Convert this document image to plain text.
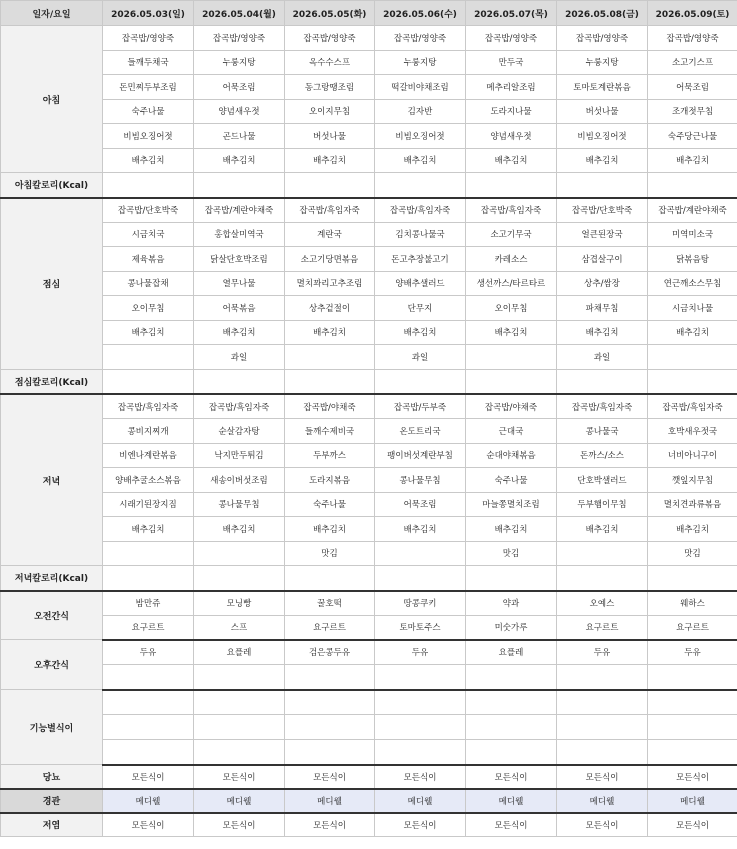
일자/요일	2026.05.03(일)	2026.05.04(월)	2026.05.05(화)	2026.05.06(수)	2026.05.07(목)	2026.05.08(금)	2026.05.09(토)
아침	잡곡밥/영양죽	잡곡밥/영양죽	잡곡밥/영양죽	잡곡밥/영양죽	잡곡밥/영양죽	잡곡밥/영양죽	잡곡밥/영양죽
	들깨두채국	누룽지탕	옥수수스프	누룽지탕	만두국	누룽지탕	소고기스프
	돈민찌두부조림	어묵조림	동그랑땡조림	떡갈비야채조림	메추리알조림	토마토계란볶음	어묵조림
	숙주나물	양념새우젓	오이지무침	김자반	도라지나물	버섯나물	조개젓무침
	비빔오징어젓	곤드나물	버섯나물	비빔오징어젓	양념새우젓	비빔오징어젓	숙주당근나물
	배추김치	배추김치	배추김치	배추김치	배추김치	배추김치	배추김치
아침칼로리(Kcal)							
점심	잡곡밥/단호박죽	잡곡밥/계란야채죽	잡곡밥/흑임자죽	잡곡밥/흑임자죽	잡곡밥/흑임자죽	잡곡밥/단호박죽	잡곡밥/계란야채죽
	시금치국	홍합살미역국	계란국	김치콩나물국	소고기무국	얼큰된장국	미역미소국
	제육볶음	닭살단호박조림	소고기당면볶음	돈고추장불고기	카레소스	삼겹살구이	닭볶음탕
	콩나물잡채	열무나물	멸치꽈리고추조림	양배추샐러드	생선까스/타르타르	상추/쌈장	연근깨소스무침
	오이무침	어묵볶음	상추겉절이	단무지	오이무침	파채무침	시금치나물
	배추김치	배추김치	배추김치	배추김치	배추김치	배추김치	배추김치
		과일		과일		과일	
점심칼로리(Kcal)							
저녁	잡곡밥/흑임자죽	잡곡밥/흑임자죽	잡곡밥/야채죽	잡곡밥/두부죽	잡곡밥/야채죽	잡곡밥/흑임자죽	잡곡밥/흑임자죽
	콩비지찌개	순살감자탕	들깨수제비국	온도트리국	근대국	콩나물국	호박새우젓국
	비엔나계란볶음	낙지만두튀김	두부까스	팽이버섯계란부침	순대야채볶음	돈까스/소스	너비아니구이
	양배추굴소스볶음	새송이버섯조림	도라지볶음	콩나물무침	숙주나물	단호박샐러드	깻잎지무침
	시래기된장지짐	콩나물무침	숙주나물	어묵조림	마늘쫑멸치조림	두부햄이무침	멸치견과류볶음
	배추김치	배추김치	배추김치	배추김치	배추김치	배추김치	배추김치
			맛김		맛김		맛김
저녁칼로리(Kcal)							
오전간식	밤만쥬	모닝빵	꿀호떡	땅콩쿠키	약과	오예스	웨하스
	요구르트	스프	요구르트	토마토주스	미숫가루	요구르트	요구르트
오후간식	두유	요플레	검은콩두유	두유	요플레	두유	두유

기능별식이							

당뇨	모든식이	모든식이	모든식이	모든식이	모든식이	모든식이	모든식이
경관	메디웰	메디웰	메디웰	메디웰	메디웰	메디웰	메디웰
저염	모든식이	모든식이	모든식이	모든식이	모든식이	모든식이	모든식이
